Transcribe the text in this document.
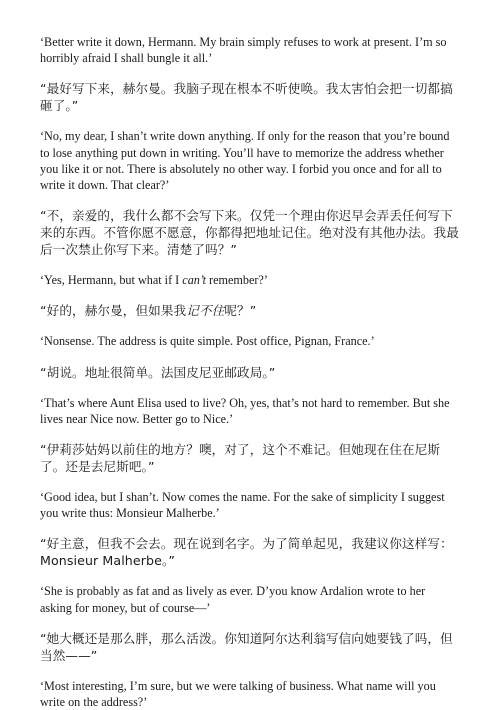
‘Better write it down, Hermann. My brain simply refuses to work at present. I’m so horribly afraid I shall bungle it all.’

“最好写下来，赫尔曼。我脑子现在根本不听使唤。我太害怕会把一切都搞砸了。”

‘No, my dear, I shan’t write down anything. If only for the reason that you’re bound to lose anything put down in writing. You’ll have to memorize the address whether you like it or not. There is absolutely no other way. I forbid you once and for all to write it down. That clear?’

“不，亲爱的，我什么都不会写下来。仅凭一个理由你迟早会弄丢任何写下来的东西。不管你愿不愿意，你都得把地址记住。绝对没有其他办法。我最后一次禁止你写下来。清楚了吗？”

‘Yes, Hermann, but what if I can’t remember?’

“好的，赫尔曼，但如果我记不住呢？”

‘Nonsense. The address is quite simple. Post office, Pignan, France.’

“胡说。地址很简单。法国皮尼亚邮政局。”

‘That’s where Aunt Elisa used to live? Oh, yes, that’s not hard to remember. But she lives near Nice now. Better go to Nice.’

“伊莉莎姑妈以前住的地方？噢，对了，这个不难记。但她现在住在尼斯了。还是去尼斯吧。”

‘Good idea, but I shan’t. Now comes the name. For the sake of simplicity I suggest you write thus: Monsieur Malherbe.’

“好主意，但我不会去。现在说到名字。为了简单起见，我建议你这样写：Monsieur Malherbe。”

‘She is probably as fat and as lively as ever. D’you know Ardalion wrote to her asking for money, but of course—’

“她大概还是那么胖，那么活泼。你知道阿尔达利翁写信向她要钱了吗，但当然——”

‘Most interesting, I’m sure, but we were talking of business. What name will you write on the address?’
